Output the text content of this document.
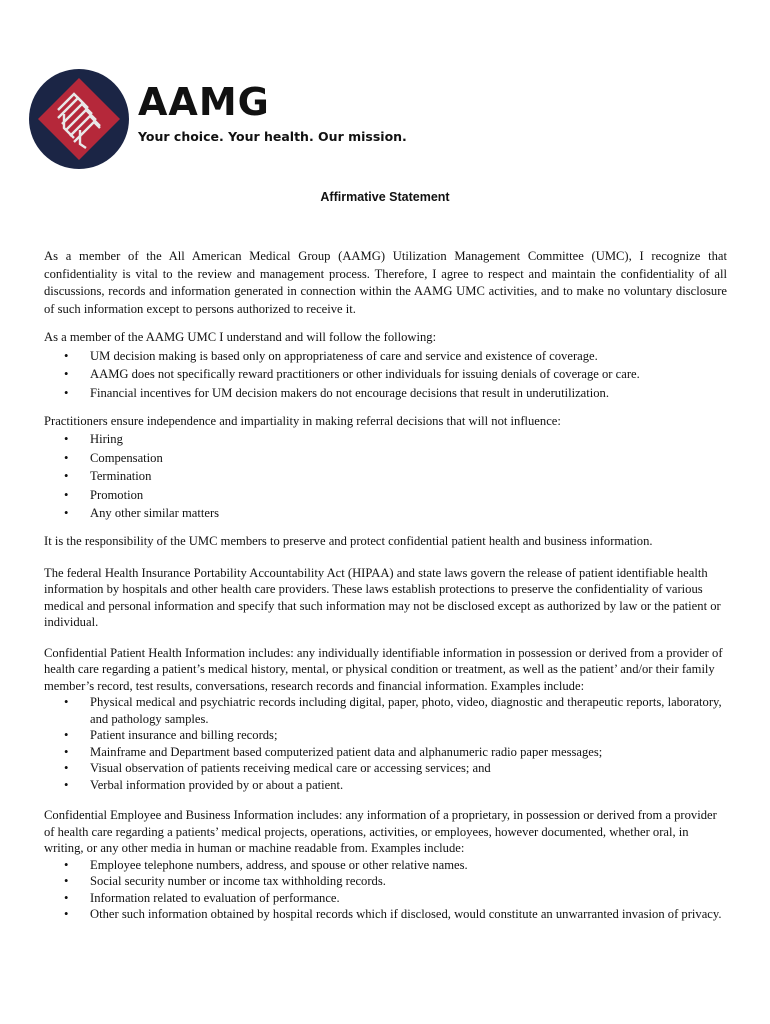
AAMG
Your choice. Your health. Our mission.
Affirmative Statement

As a member of the All American Medical Group (AAMG) Utilization Management Committee (UMC), I recognize that confidentiality is vital to the review and management process. Therefore, I agree to respect and maintain the confidentiality of all discussions, records and information generated in connection within the AAMG UMC activities, and to make no voluntary disclosure of such information except to persons authorized to receive it.

As a member of the AAMG UMC I understand and will follow the following:

• UM decision making is based only on appropriateness of care and service and existence of coverage.
• AAMG does not specifically reward practitioners or other individuals for issuing denials of coverage or care.
• Financial incentives for UM decision makers do not encourage decisions that result in underutilization.

Practitioners ensure independence and impartiality in making referral decisions that will not influence:

• Hiring
• Compensation
• Termination
• Promotion
• Any other similar matters

It is the responsibility of the UMC members to preserve and protect confidential patient health and business information.

The federal Health Insurance Portability Accountability Act (HIPAA) and state laws govern the release of patient identifiable health information by hospitals and other health care providers. These laws establish protections to preserve the confidentiality of various medical and personal information and specify that such information may not be disclosed except as authorized by law or the patient or individual.

Confidential Patient Health Information includes: any individually identifiable information in possession or derived from a provider of health care regarding a patient’s medical history, mental, or physical condition or treatment, as well as the patient’ and/or their family member’s record, test results, conversations, research records and financial information. Examples include:

• Physical medical and psychiatric records including digital, paper, photo, video, diagnostic and therapeutic reports, laboratory, and pathology samples.
• Patient insurance and billing records;
• Mainframe and Department based computerized patient data and alphanumeric radio paper messages;
• Visual observation of patients receiving medical care or accessing services; and
• Verbal information provided by or about a patient.

Confidential Employee and Business Information includes: any information of a proprietary, in possession or derived from a provider of health care regarding a patients’ medical projects, operations, activities, or employees, however documented, whether oral, in writing, or any other media in human or machine readable from. Examples include:

• Employee telephone numbers, address, and spouse or other relative names.
• Social security number or income tax withholding records.
• Information related to evaluation of performance.
• Other such information obtained by hospital records which if disclosed, would constitute an unwarranted invasion of privacy.
